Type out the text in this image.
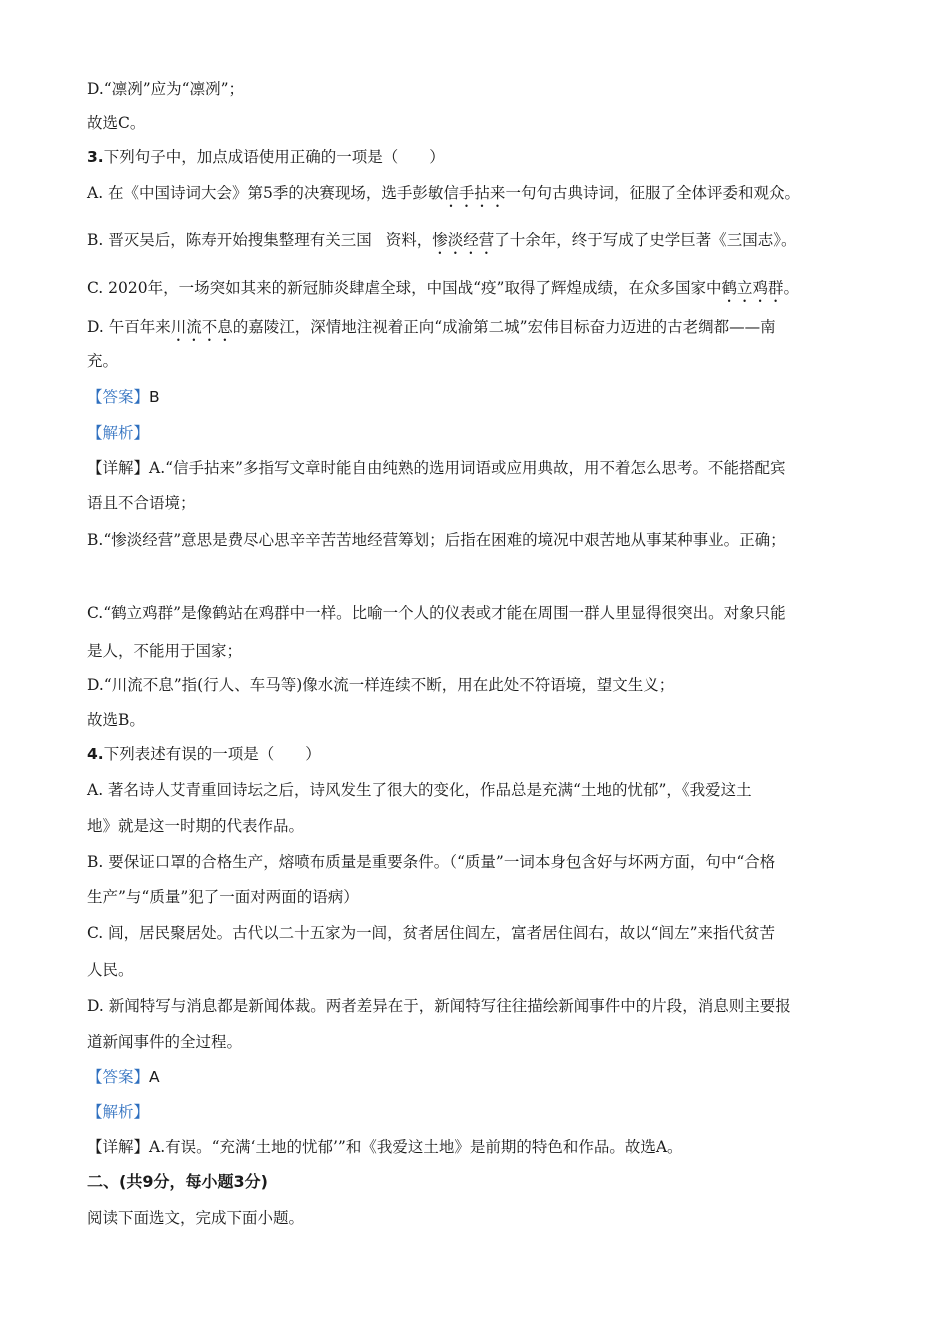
D.“凛冽”应为“凛冽”；
故选C。
3.下列句子中，加点成语使用正确的一项是（　　）
A. 在《中国诗词大会》第5季的决赛现场，选手彭敏信手拈来一句句古典诗词，征服了全体评委和观众。
B. 晋灭吴后，陈寿开始搜集整理有关三国 资料，惨淡经营了十余年，终于写成了史学巨著《三国志》。
C. 2020年，一场突如其来的新冠肺炎肆虐全球，中国战“疫”取得了辉煌成绩，在众多国家中鹤立鸡群。
D. 午百年来川流不息的嘉陵江，深情地注视着正向“成渝第二城”宏伟目标奋力迈进的古老绸都——南
充。
【答案】B
【解析】
【详解】A.“信手拈来”多指写文章时能自由纯熟的选用词语或应用典故，用不着怎么思考。不能搭配宾
语且不合语境；
B.“惨淡经营”意思是费尽心思辛辛苦苦地经营筹划；后指在困难的境况中艰苦地从事某种事业。正确；
C.“鹤立鸡群”是像鹤站在鸡群中一样。比喻一个人的仪表或才能在周围一群人里显得很突出。对象只能
是人，不能用于国家；
D.“川流不息”指(行人、车马等)像水流一样连续不断，用在此处不符语境，望文生义；
故选B。
4.下列表述有误的一项是（　　）
A. 著名诗人艾青重回诗坛之后，诗风发生了很大的变化，作品总是充满“土地的忧郁”，《我爱这土
地》就是这一时期的代表作品。
B. 要保证口罩的合格生产，熔喷布质量是重要条件。（“质量”一词本身包含好与坏两方面，句中“合格
生产”与“质量”犯了一面对两面的语病）
C. 闾，居民聚居处。古代以二十五家为一闾，贫者居住闾左，富者居住闾右，故以“闾左”来指代贫苦
人民。
D. 新闻特写与消息都是新闻体裁。两者差异在于，新闻特写往往描绘新闻事件中的片段，消息则主要报
道新闻事件的全过程。
【答案】A
【解析】
【详解】A.有误。“充满‘土地的忧郁’”和《我爱这土地》是前期的特色和作品。故选A。
二、(共9分，每小题3分)
阅读下面选文，完成下面小题。
